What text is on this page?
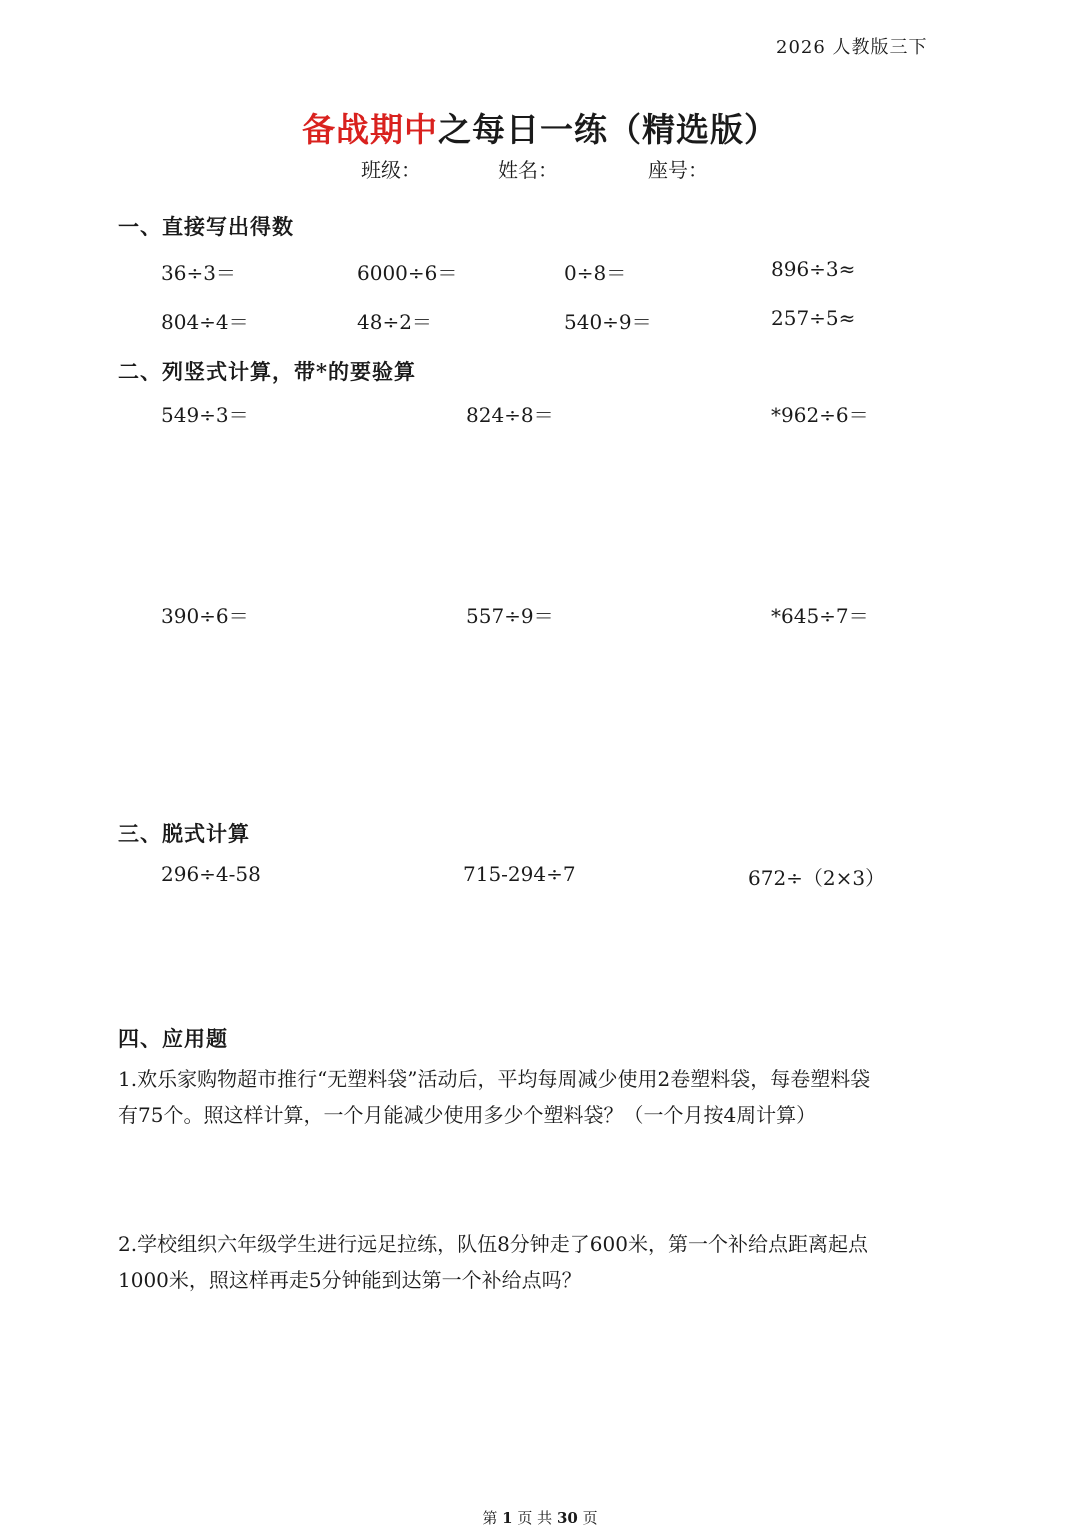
2026 人教版三下
备战期中之每日一练（精选版）
班级：	姓名：	座号：
一、直接写出得数
36÷3＝	6000÷6＝	0÷8＝	896÷3≈
804÷4＝	48÷2＝	540÷9＝	257÷5≈
二、列竖式计算，带*的要验算
549÷3＝	824÷8＝	*962÷6＝
390÷6＝	557÷9＝	*645÷7＝
三、脱式计算
296÷4-58	715-294÷7	672÷（2×3）
四、应用题
1.欢乐家购物超市推行“无塑料袋”活动后，平均每周减少使用2卷塑料袋，每卷塑料袋
有75个。照这样计算，一个月能减少使用多少个塑料袋？（一个月按4周计算）
2.学校组织六年级学生进行远足拉练，队伍8分钟走了600米，第一个补给点距离起点
1000米，照这样再走5分钟能到达第一个补给点吗？
第 1 页 共 30 页
